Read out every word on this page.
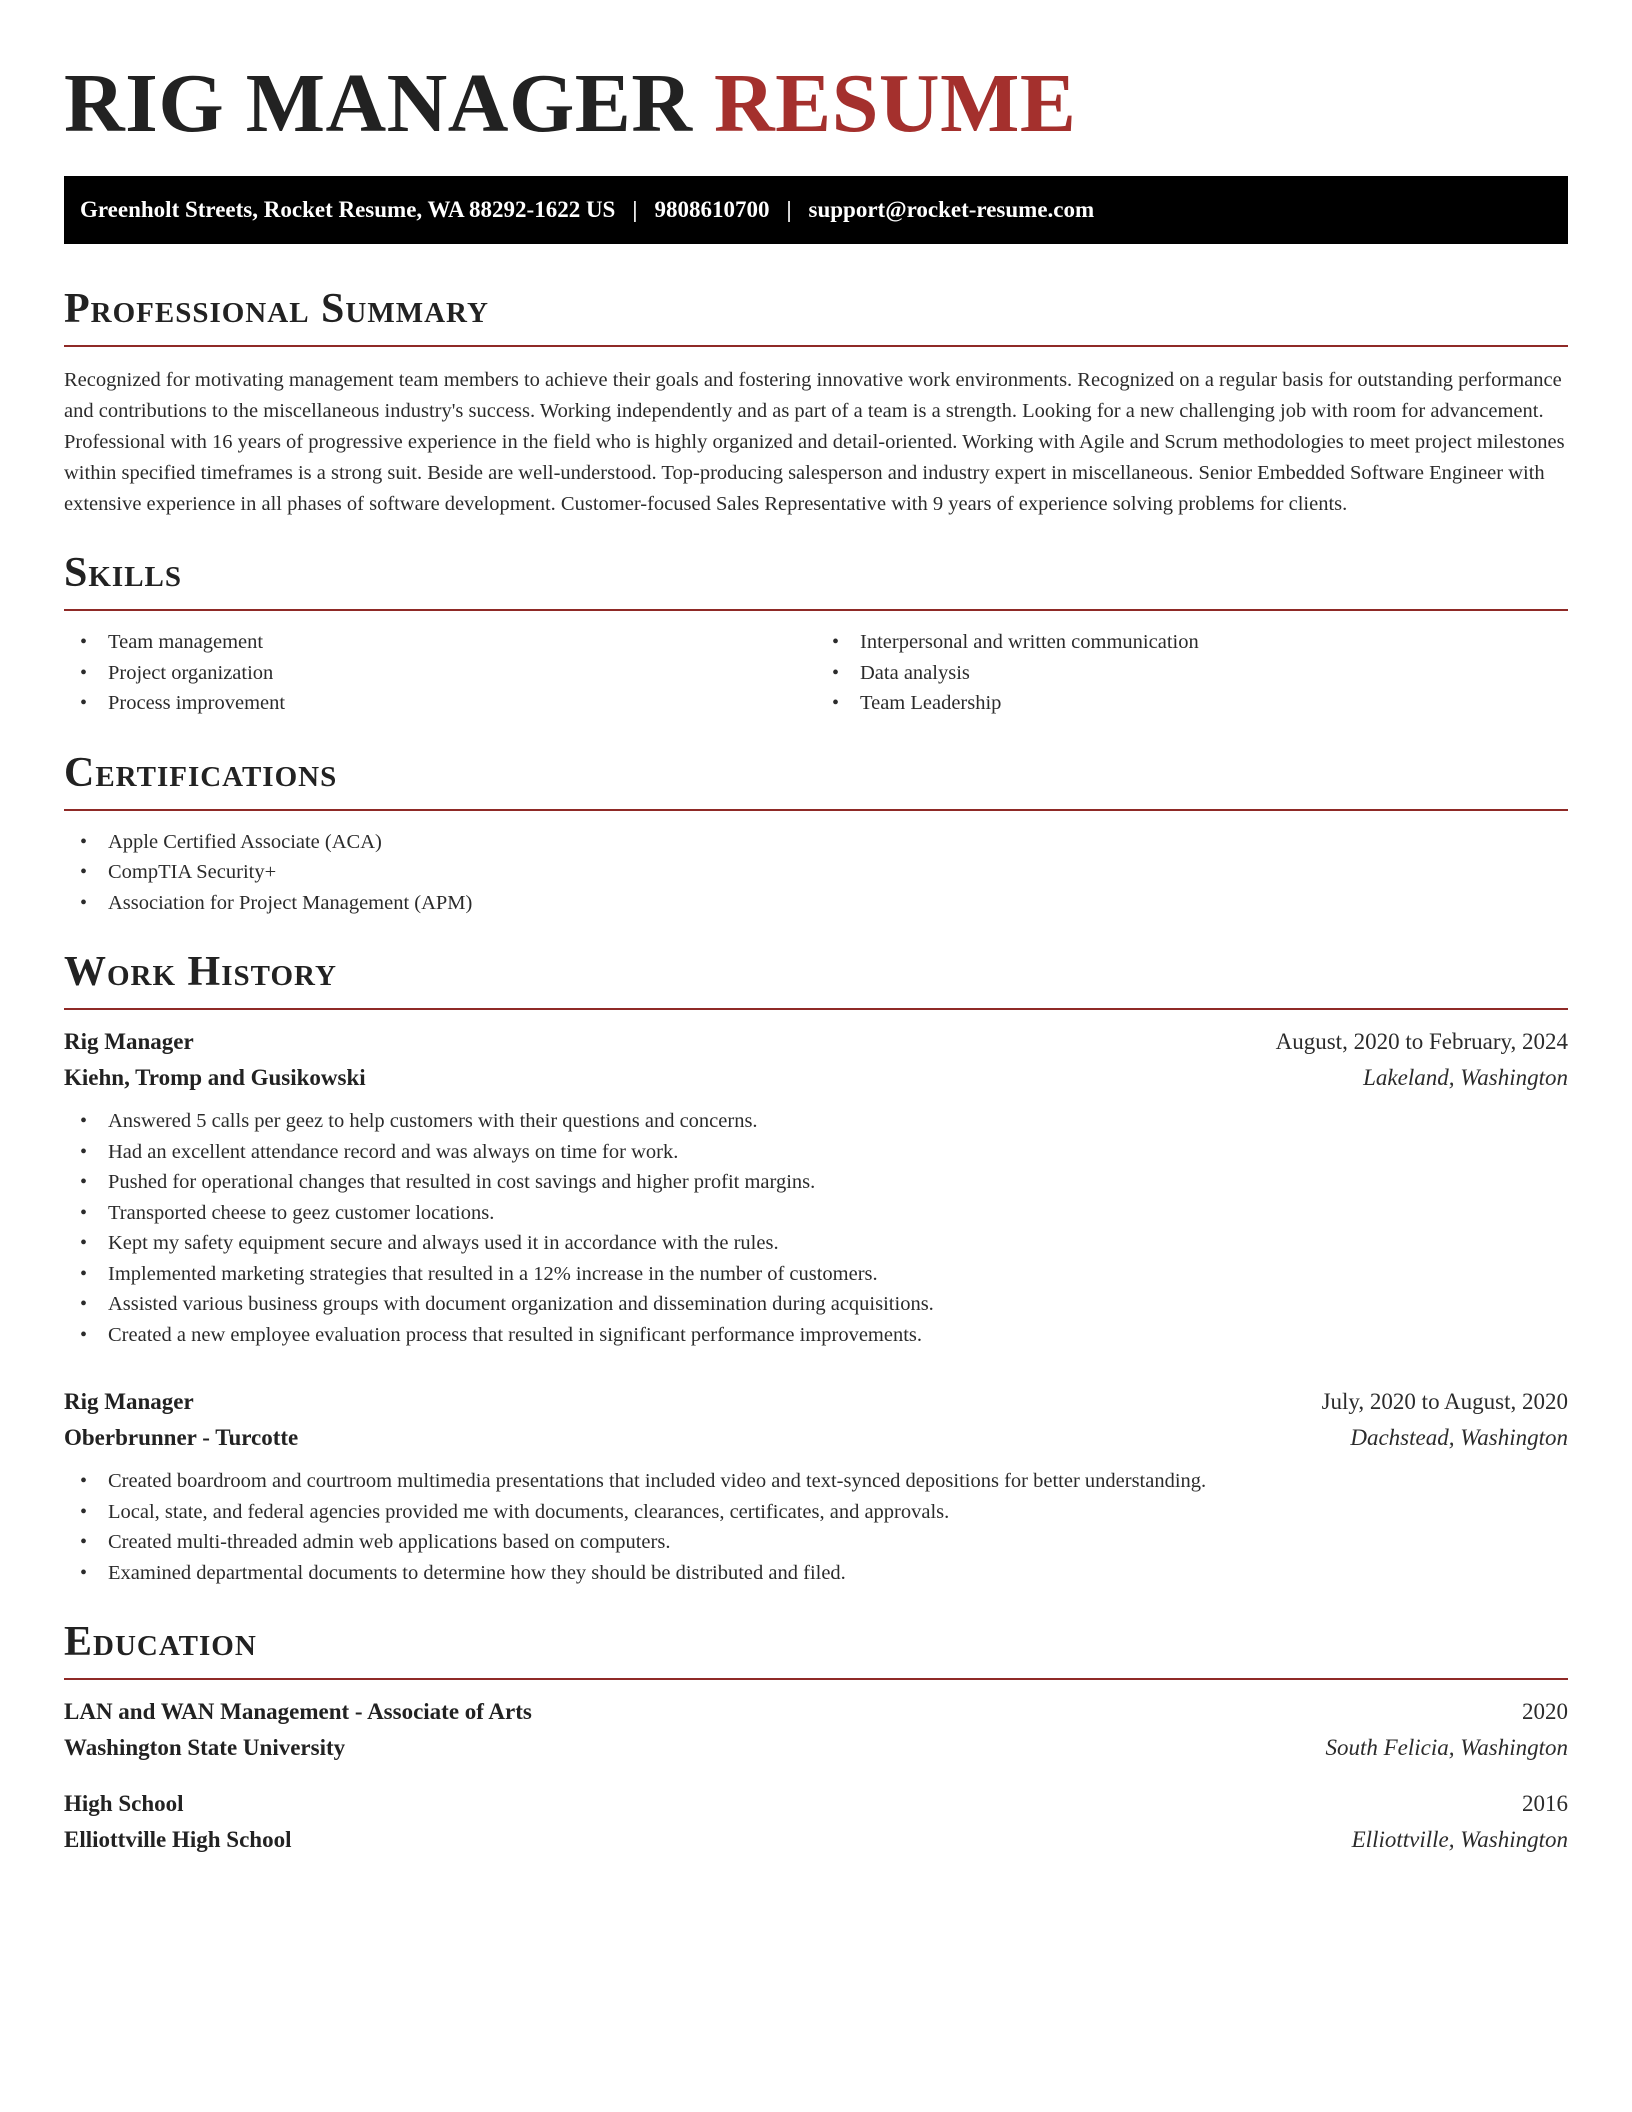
RIG MANAGER RESUME
Greenholt Streets, Rocket Resume, WA 88292-1622 US | 9808610700 | support@rocket-resume.com
Professional Summary

Recognized for motivating management team members to achieve their goals and fostering innovative work environments. Recognized on a regular basis for outstanding performance and contributions to the miscellaneous industry's success. Working independently and as part of a team is a strength. Looking for a new challenging job with room for advancement. Professional with 16 years of progressive experience in the field who is highly organized and detail-oriented. Working with Agile and Scrum methodologies to meet project milestones within specified timeframes is a strong suit. Beside are well-understood. Top-producing salesperson and industry expert in miscellaneous. Senior Embedded Software Engineer with extensive experience in all phases of software development. Customer-focused Sales Representative with 9 years of experience solving problems for clients.

Skills
• Team management
• Project organization
• Process improvement
• Interpersonal and written communication
• Data analysis
• Team Leadership
Certifications
• Apple Certified Associate (ACA)
• CompTIA Security+
• Association for Project Management (APM)
Work History
Rig Manager	August, 2020 to February, 2024
Kiehn, Tromp and Gusikowski	Lakeland, Washington
• Answered 5 calls per geez to help customers with their questions and concerns.
• Had an excellent attendance record and was always on time for work.
• Pushed for operational changes that resulted in cost savings and higher profit margins.
• Transported cheese to geez customer locations.
• Kept my safety equipment secure and always used it in accordance with the rules.
• Implemented marketing strategies that resulted in a 12% increase in the number of customers.
• Assisted various business groups with document organization and dissemination during acquisitions.
• Created a new employee evaluation process that resulted in significant performance improvements.
Rig Manager	July, 2020 to August, 2020
Oberbrunner - Turcotte	Dachstead, Washington
• Created boardroom and courtroom multimedia presentations that included video and text-synced depositions for better understanding.
• Local, state, and federal agencies provided me with documents, clearances, certificates, and approvals.
• Created multi-threaded admin web applications based on computers.
• Examined departmental documents to determine how they should be distributed and filed.
Education
LAN and WAN Management - Associate of Arts	2020
Washington State University	South Felicia, Washington
High School	2016
Elliottville High School	Elliottville, Washington
